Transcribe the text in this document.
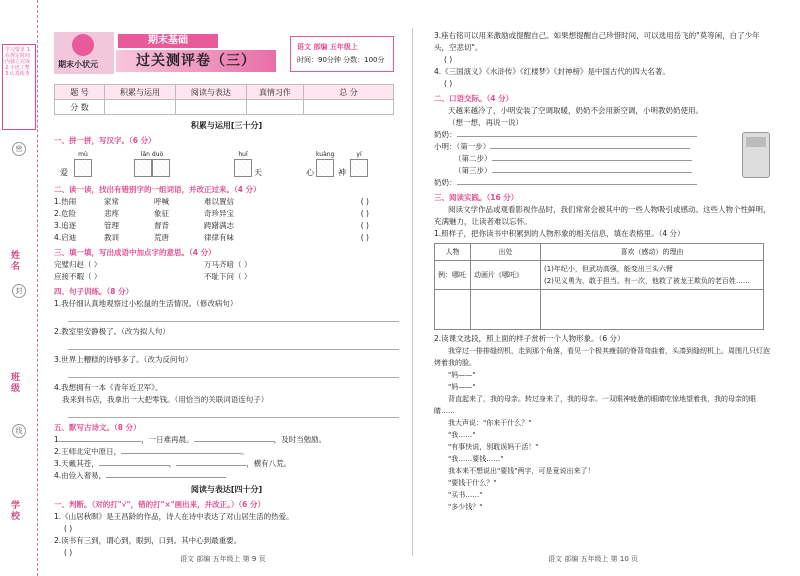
学习要求 1.在规定时间内独立完成 2.字迹工整 3.认真检查
密
姓名
封
班级
线
学校
期末小状元
期末基础
过关测评卷（三）
语文 部编 五年级上
时间：90分钟 分数：100分
题 号	积累与运用	阅读与表达	真情习作	总 分
分 数				
积累与运用[三十分]
一、拼一拼，写汉字。（6 分）
mù
爱
lǎn duò	huǐ
天	心
kuàng
神
yí
二、读一读，找出有错别字的一组词语，并改正过来。（4 分）
1.热闹	家常	呼喊	难以置信	( )
2.危险	悲疼	象征	奇珍异宝	( )
3.追逐	管理	督背	踌躇满志	( )
4.启迪	教训	荒唐	律律有味	( )
三、填一填，写出成语中加点字的意思。（4 分）
完璧归赵（ ）	万马齐喑（ ）
应接不暇（ ）	不耻下问（ ）
四、句子训练。（8 分）
1.我仔细认真地观察过小松鼠的生活情况。（修改病句）
2.教室里安静极了。（改为拟人句）
3.世界上糟糕的诗够多了。（改为反问句）
4.我想拥有一本《青年近卫军》。
我来到书店，我拿出一大把零钱。（用恰当的关联词语连句子）
五、默写古诗文。（8 分）
1.	，一日难再晨。	，及时当勉励。
2.王师北定中原日，	。
3.天戴其苍，	，	，横有八荒。
4.由俭入奢易，
阅读与表达[四十分]
一、判断。（对的打"√"，错的打"×"画出来，并改正。）（6 分）
1.《山居秋暝》是王昌龄的作品，诗人在诗中表达了对山居生活的热爱。
( )
2.读书有三到，谓心到，眼到，口到。其中心到最重要。
( )
语文 部编 五年级上 第 9 页
3.座右铭可以用来激励或提醒自己。如果想提醒自己珍惜时间，可以选用岳飞的"莫等闲，白了少年头，空悲切"。
( )
4.《三国演义》《水浒传》《红楼梦》《封神榜》是中国古代的四大名著。
( )
二、口语交际。（4 分）
天越来越冷了，小明安装了空调取暖，奶奶不会用新空调，小明教奶奶使用。
（想一想，再说一说）
奶奶：
小明：（第一步）
（第二步）
（第三步）
奶奶：
三、阅读实践。（16 分）
阅读文学作品或观看影视作品时，我们常常会被其中的一些人物吸引或感动。这些人物个性鲜明，充满魅力，让读者难以忘怀。
1.照样子，把你读书中积累到的人物形象的相关信息，填在表格里。（4 分）
人物	出处	喜欢（感动）的理由
例：哪吒	动画片《哪吒》	(1)年纪小，但武功高强，能变出三头六臂
(2)见义勇为，敢于担当。有一次，他救了被龙王欺负的老百姓……

2.读课文选段，照上面的样子赏析一个人物形象。（6 分）
我穿过一排排缝纫机，走到那个角落，看见一个极其瘦弱的脊背弯曲着，头凑到缝纫机上。周围几只灯泡烤着我的脸。
"妈——"
"妈——"
背直起来了，我的母亲。转过身来了，我的母亲。一双眼神疲惫的眼睛吃惊地望着我，我的母亲的眼睛……
我大声说："你来干什么？"
"我……"
"有事快说，别耽误妈干活！"
"我……要钱……"
我本来不想说出"要钱"两字，可是竟说出来了！
"要钱干什么？"
"买书……"
"多少钱？"
语文 部编 五年级上 第 10 页
